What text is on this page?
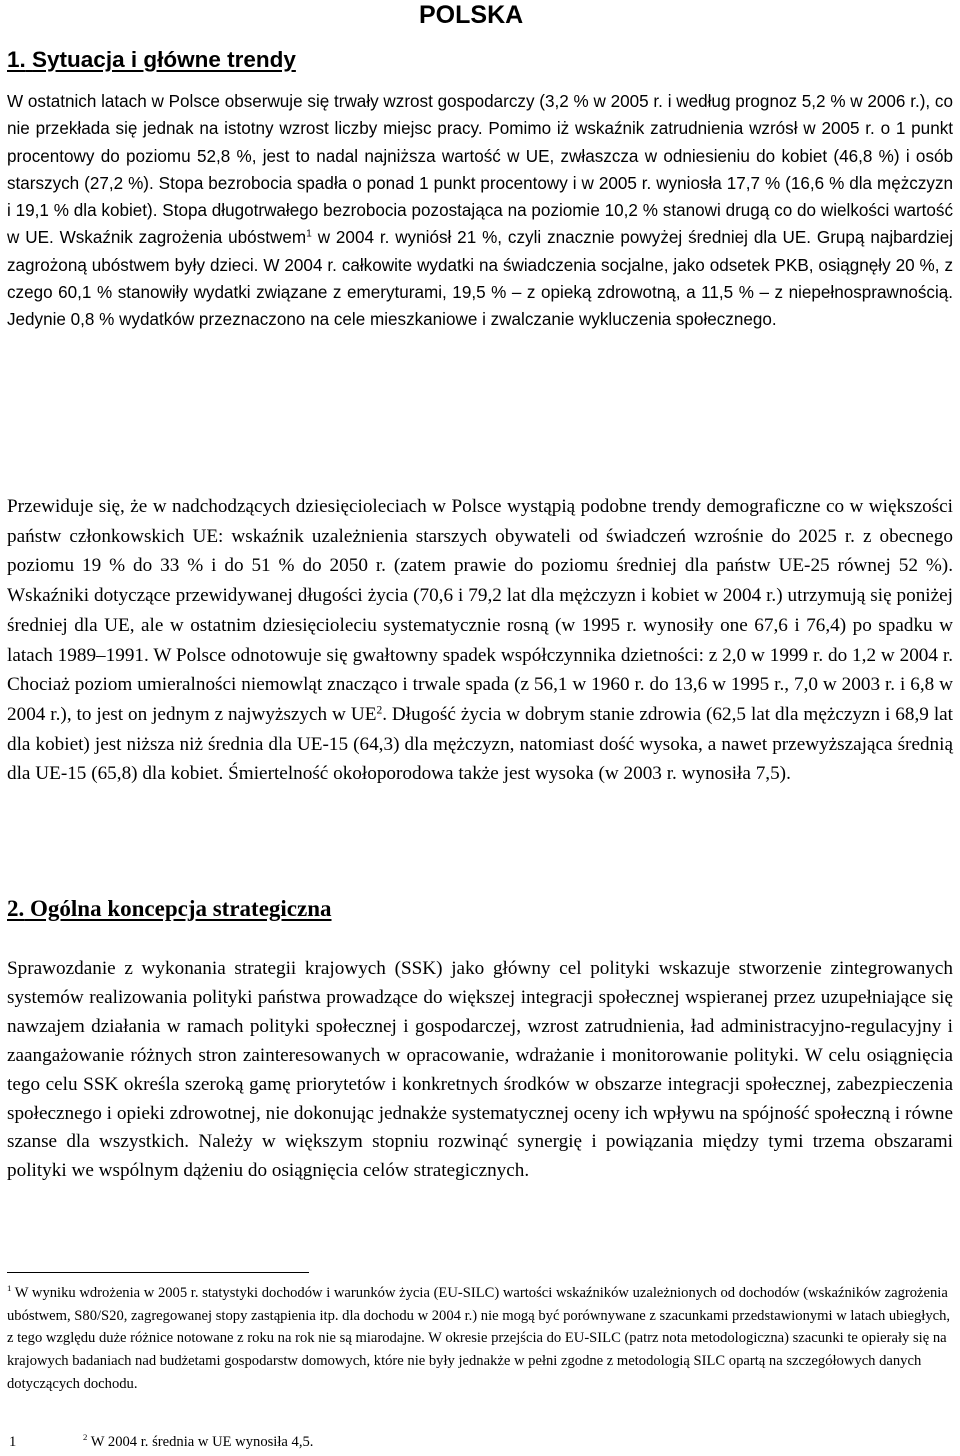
POLSKA
1. Sytuacja i główne trendy

W ostatnich latach w Polsce obserwuje się trwały wzrost gospodarczy (3,2 % w 2005 r. i według prognoz 5,2 % w 2006 r.), co nie przekłada się jednak na istotny wzrost liczby miejsc pracy. Pomimo iż wskaźnik zatrudnienia wzrósł w 2005 r. o 1 punkt procentowy do poziomu 52,8 %, jest to nadal najniższa wartość w UE, zwłaszcza w odniesieniu do kobiet (46,8 %) i osób starszych (27,2 %). Stopa bezrobocia spadła o ponad 1 punkt procentowy i w 2005 r. wyniosła 17,7 % (16,6 % dla mężczyzn i 19,1 % dla kobiet). Stopa długotrwałego bezrobocia pozostająca na poziomie 10,2 % stanowi drugą co do wielkości wartość w UE. Wskaźnik zagrożenia ubóstwem$^1$ w 2004 r. wyniósł 21 %, czyli znacznie powyżej średniej dla UE. Grupą najbardziej zagrożoną ubóstwem były dzieci. W 2004 r. całkowite wydatki na świadczenia socjalne, jako odsetek PKB, osiągnęły 20 %, z czego 60,1 % stanowiły wydatki związane z emeryturami, 19,5 % – z opieką zdrowotną, a 11,5 % – z niepełnosprawnością. Jedynie 0,8 % wydatków przeznaczono na cele mieszkaniowe i zwalczanie wykluczenia społecznego.

Przewiduje się, że w nadchodzących dziesięcioleciach w Polsce wystąpią podobne trendy demograficzne co w większości państw członkowskich UE: wskaźnik uzależnienia starszych obywateli od świadczeń wzrośnie do 2025 r. z obecnego poziomu 19 % do 33 % i do 51 % do 2050 r. (zatem prawie do poziomu średniej dla państw UE-25 równej 52 %). Wskaźniki dotyczące przewidywanej długości życia (70,6 i 79,2 lat dla mężczyzn i kobiet w 2004 r.) utrzymują się poniżej średniej dla UE, ale w ostatnim dziesięcioleciu systematycznie rosną (w 1995 r. wynosiły one 67,6 i 76,4) po spadku w latach 1989–1991. W Polsce odnotowuje się gwałtowny spadek współczynnika dzietności: z 2,0 w 1999 r. do 1,2 w 2004 r. Chociaż poziom umieralności niemowląt znacząco i trwale spada (z 56,1 w 1960 r. do 13,6 w 1995 r., 7,0 w 2003 r. i 6,8 w 2004 r.), to jest on jednym z najwyższych w $UE^2$. Długość życia w dobrym stanie zdrowia (62,5 lat dla mężczyzn i 68,9 lat dla kobiet) jest niższa niż średnia dla UE-15 (64,3) dla mężczyzn, natomiast dość wysoka, a nawet przewyższająca średnią dla UE-15 (65,8) dla kobiet. Śmiertelność okołoporodowa także jest wysoka (w 2003 r. wynosiła 7,5).

2. Ogólna koncepcja strategiczna

Sprawozdanie z wykonania strategii krajowych (SSK) jako główny cel polityki wskazuje stworzenie zintegrowanych systemów realizowania polityki państwa prowadzące do większej integracji społecznej wspieranej przez uzupełniające się nawzajem działania w ramach polityki społecznej i gospodarczej, wzrost zatrudnienia, ład administracyjno-regulacyjny i zaangażowanie różnych stron zainteresowanych w opracowanie, wdrażanie i monitorowanie polityki. W celu osiągnięcia tego celu SSK określa szeroką gamę priorytetów i konkretnych środków w obszarze integracji społecznej, zabezpieczenia społecznego i opieki zdrowotnej, nie dokonując jednakże systematycznej oceny ich wpływu na spójność społeczną i równe szanse dla wszystkich. Należy w większym stopniu rozwinąć synergię i powiązania między tymi trzema obszarami polityki we wspólnym dążeniu do osiągnięcia celów strategicznych.

$^1$ W wyniku wdrożenia w 2005 r. statystyki dochodów i warunków życia (EU-SILC) wartości wskaźników uzależnionych od dochodów (wskaźników zagrożenia ubóstwem, S80/S20, zagregowanej stopy zastąpienia itp. dla dochodu w 2004 r.) nie mogą być porównywane z szacunkami przedstawionymi w latach ubiegłych, z tego względu duże różnice notowane z roku na rok nie są miarodajne. W okresie przejścia do EU-SILC (patrz nota metodologiczna) szacunki te opierały się na krajowych badaniach nad budżetami gospodarstw domowych, które nie były jednakże w pełni zgodne z metodologią SILC opartą na szczegółowych danych dotyczących dochodu.

$^2$ W 2004 r. średnia w UE wynosiła 4,5.

1
